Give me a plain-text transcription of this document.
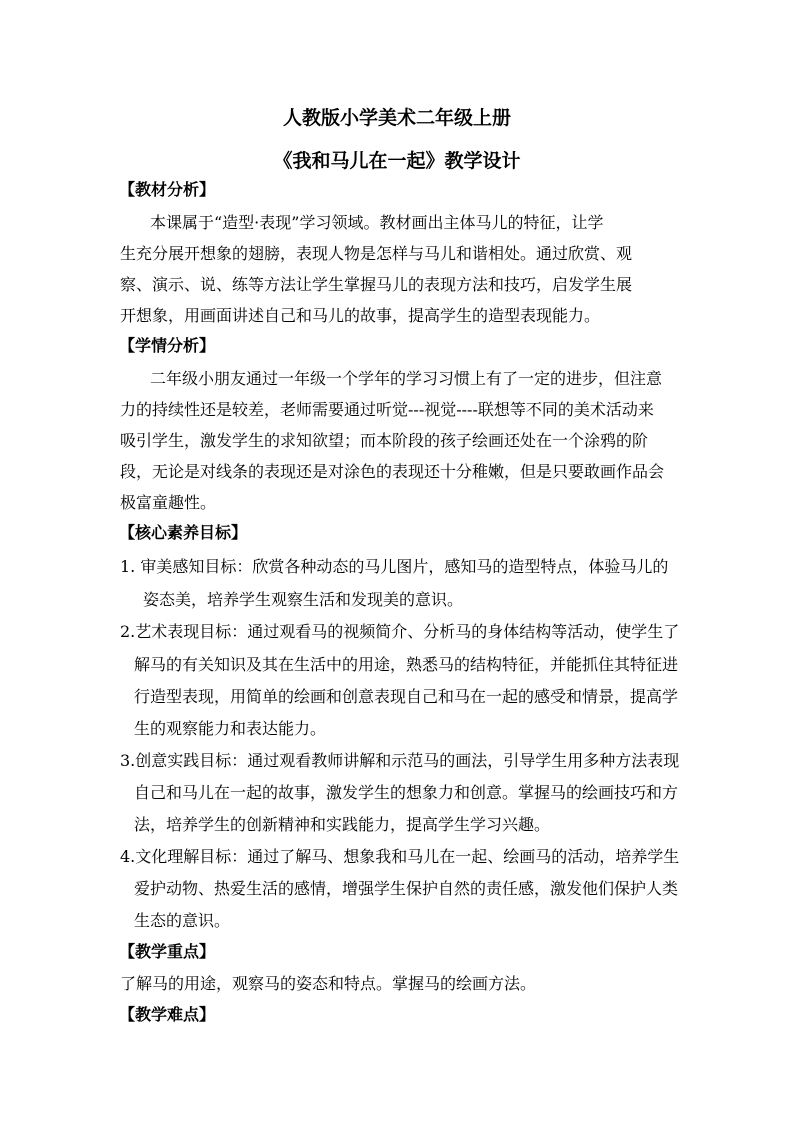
人教版小学美术二年级上册
《我和马儿在一起》教学设计
【教材分析】

本课属于“造型·表现”学习领域。教材画出主体马儿的特征，让学

生充分展开想象的翅膀，表现人物是怎样与马儿和谐相处。通过欣赏、观

察、演示、说、练等方法让学生掌握马儿的表现方法和技巧，启发学生展

开想象，用画面讲述自己和马儿的故事，提高学生的造型表现能力。

【学情分析】

二年级小朋友通过一年级一个学年的学习习惯上有了一定的进步，但注意

力的持续性还是较差，老师需要通过听觉---视觉----联想等不同的美术活动来

吸引学生，激发学生的求知欲望；而本阶段的孩子绘画还处在一个涂鸦的阶

段，无论是对线条的表现还是对涂色的表现还十分稚嫩，但是只要敢画作品会

极富童趣性。

【核心素养目标】

1. 审美感知目标：欣赏各种动态的马儿图片，感知马的造型特点，体验马儿的

姿态美，培养学生观察生活和发现美的意识。

2.艺术表现目标：通过观看马的视频简介、分析马的身体结构等活动，使学生了

解马的有关知识及其在生活中的用途，熟悉马的结构特征，并能抓住其特征进

行造型表现，用简单的绘画和创意表现自己和马在一起的感受和情景，提高学

生的观察能力和表达能力。

3.创意实践目标：通过观看教师讲解和示范马的画法，引导学生用多种方法表现

自己和马儿在一起的故事，激发学生的想象力和创意。掌握马的绘画技巧和方

法，培养学生的创新精神和实践能力，提高学生学习兴趣。

4.文化理解目标：通过了解马、想象我和马儿在一起、绘画马的活动，培养学生

爱护动物、热爱生活的感情，增强学生保护自然的责任感，激发他们保护人类

生态的意识。

【教学重点】

了解马的用途，观察马的姿态和特点。掌握马的绘画方法。

【教学难点】
